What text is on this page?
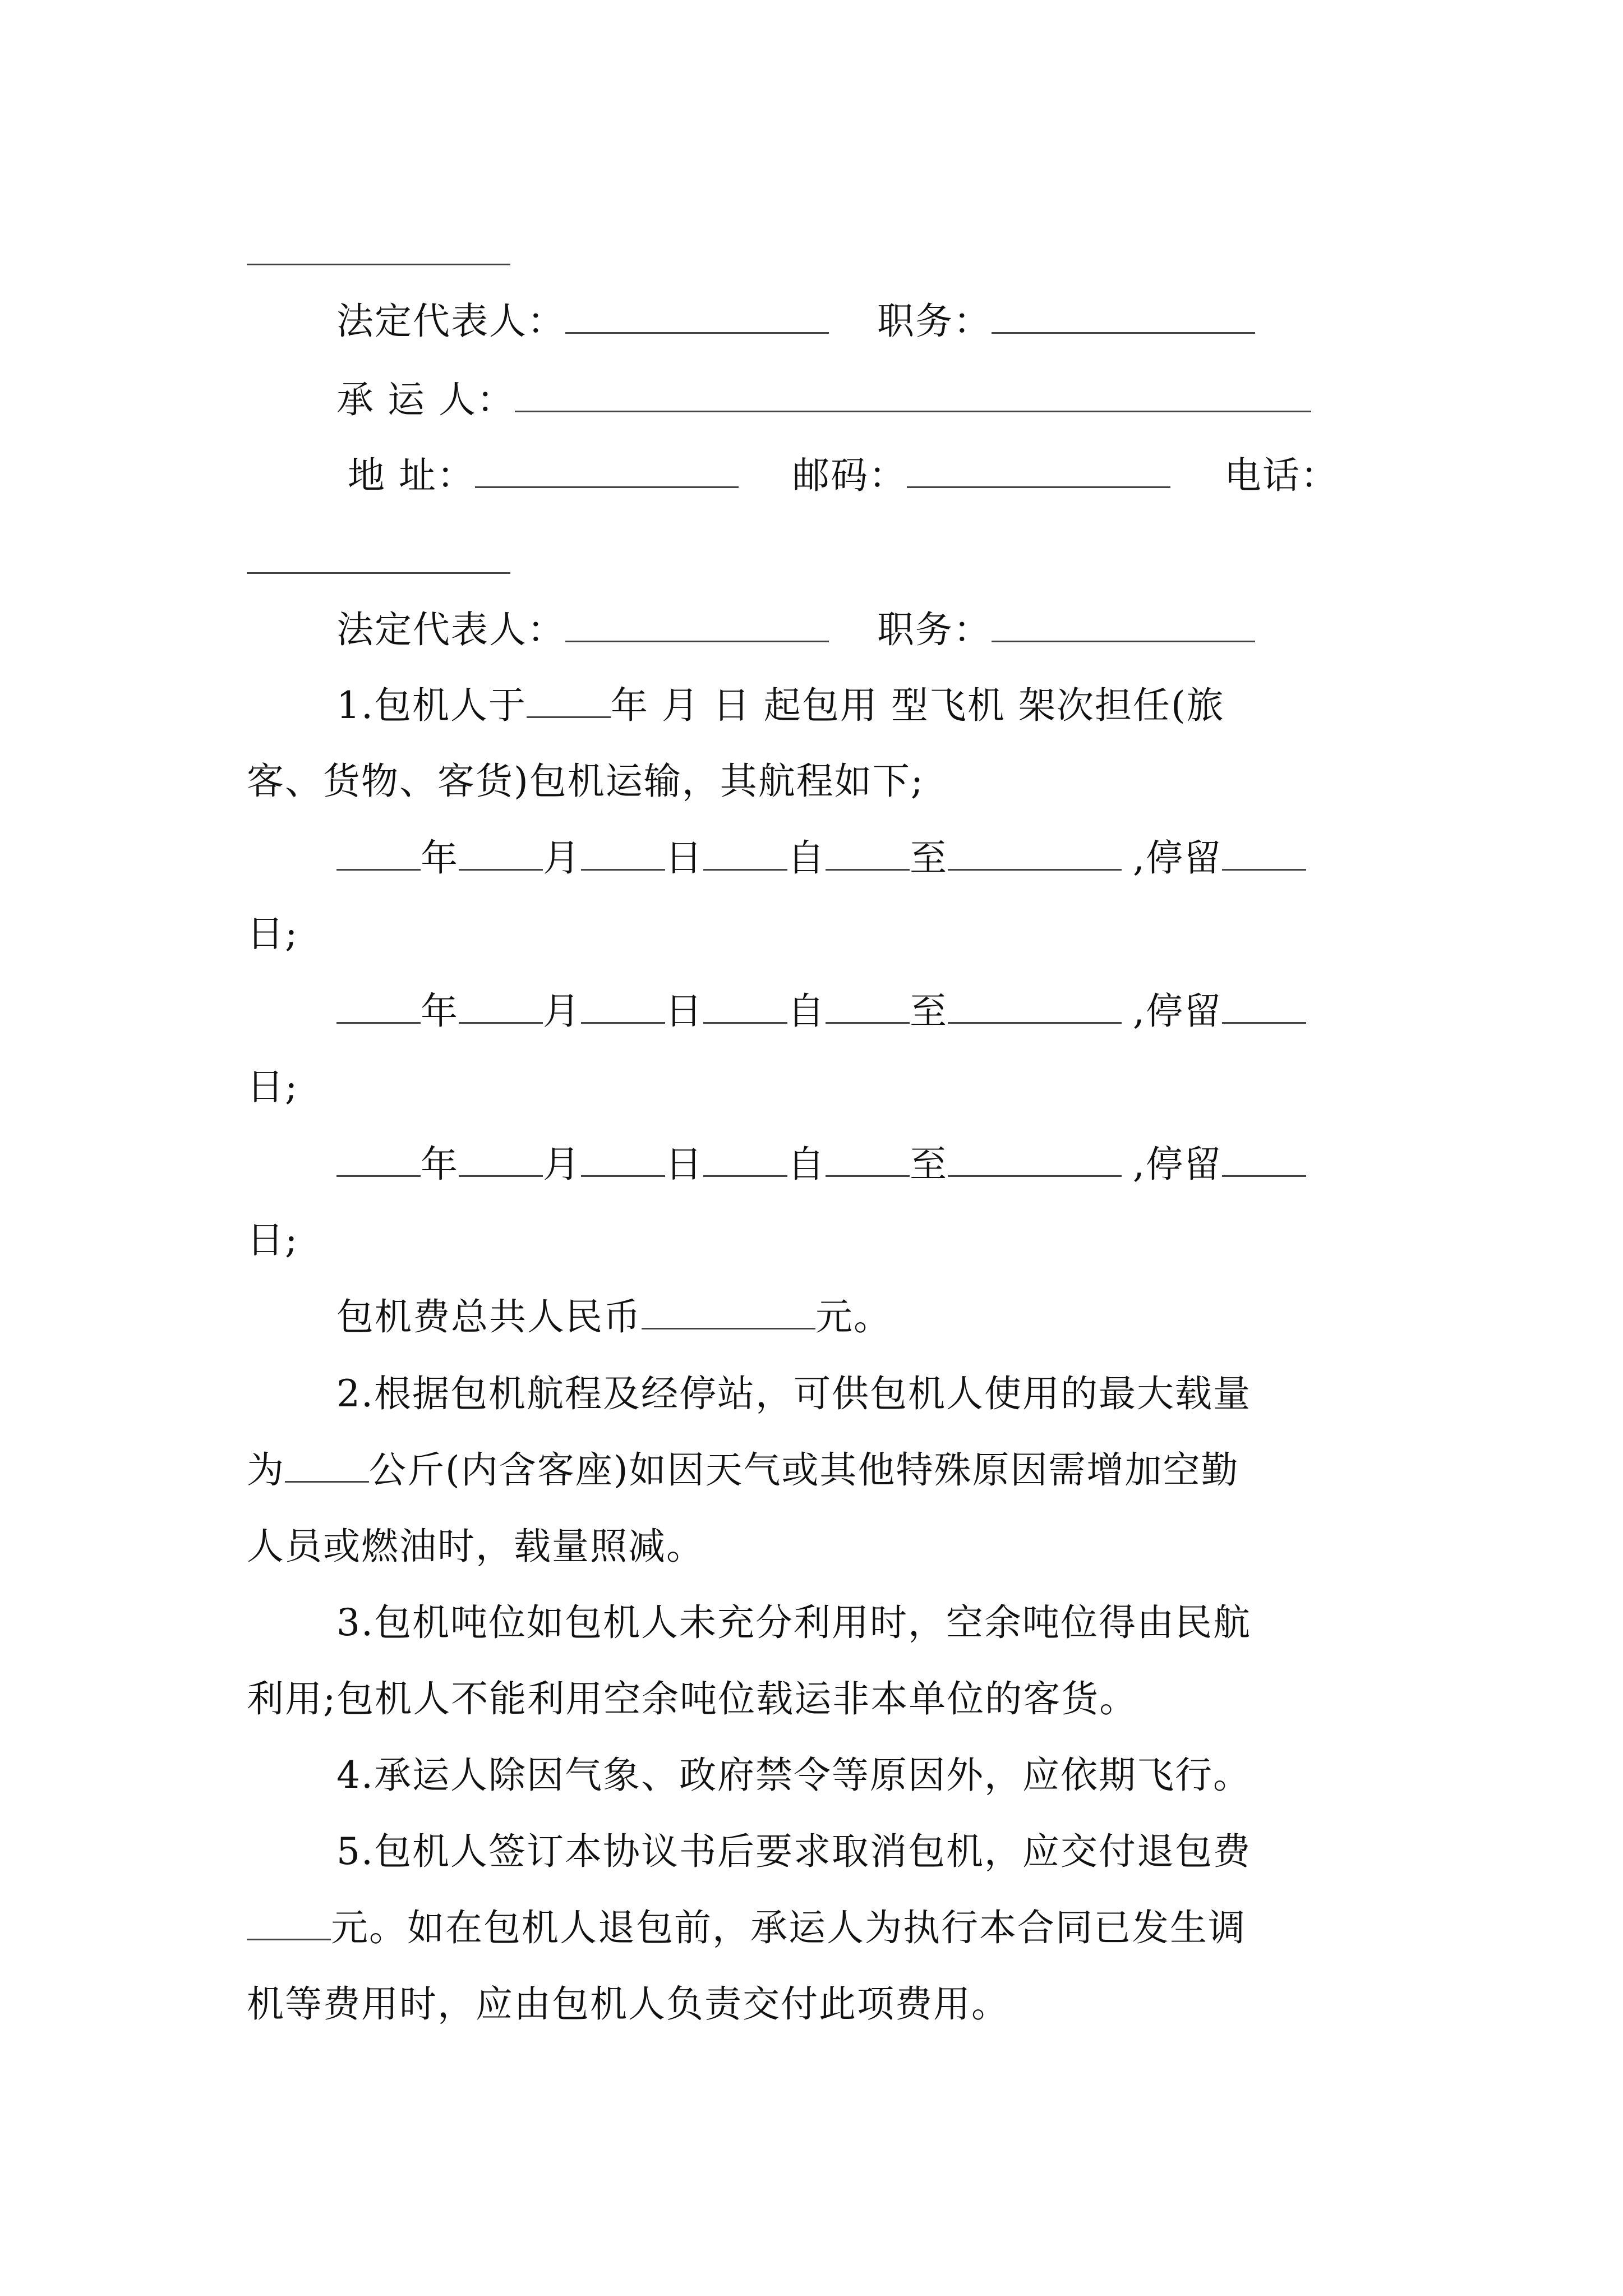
法定代表人：	职务：
承 运 人：
地 址：	邮码：	电话：
法定代表人：	职务：
1.包机人于 年 月 日 起包用 型飞机 架次担任(旅
客、货物、客货)包机运输，其航程如下;
年 月 日 自 至	,停留
日;
年 月 日 自 至	,停留
日;
年 月 日 自 至	,停留
日;
包机费总共人民币	元。
2.根据包机航程及经停站，可供包机人使用的最大载量
为 公斤(内含客座)如因天气或其他特殊原因需增加空勤
人员或燃油时，载量照减。
3.包机吨位如包机人未充分利用时，空余吨位得由民航
利用;包机人不能利用空余吨位载运非本单位的客货。
4.承运人除因气象、政府禁令等原因外，应依期飞行。
5.包机人签订本协议书后要求取消包机，应交付退包费
元。如在包机人退包前，承运人为执行本合同已发生调
机等费用时，应由包机人负责交付此项费用。
